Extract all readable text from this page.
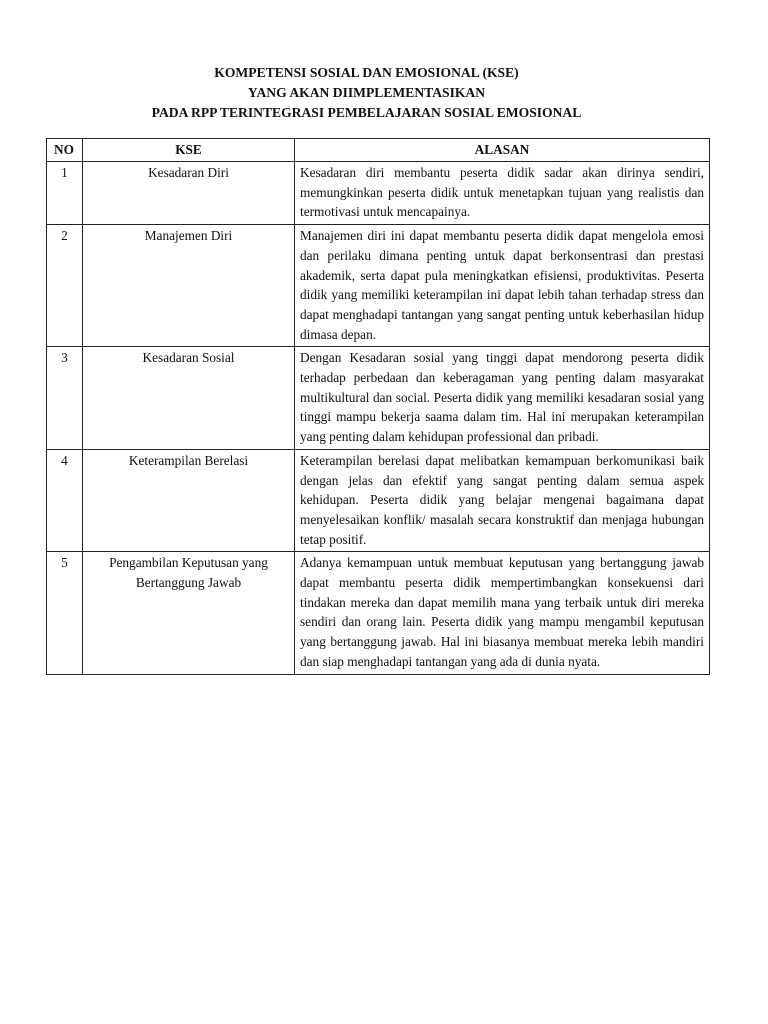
KOMPETENSI SOSIAL DAN EMOSIONAL (KSE)
YANG AKAN DIIMPLEMENTASIKAN
PADA RPP TERINTEGRASI PEMBELAJARAN SOSIAL EMOSIONAL
NO	KSE	ALASAN
1	Kesadaran Diri	Kesadaran diri membantu peserta didik sadar akan dirinya sendiri, memungkinkan peserta didik untuk menetapkan tujuan yang realistis dan termotivasi untuk mencapainya.
2	Manajemen Diri	Manajemen diri ini dapat membantu peserta didik dapat mengelola emosi dan perilaku dimana penting untuk dapat berkonsentrasi dan prestasi akademik, serta dapat pula meningkatkan efisiensi, produktivitas. Peserta didik yang memiliki keterampilan ini dapat lebih tahan terhadap stress dan dapat menghadapi tantangan yang sangat penting untuk keberhasilan hidup dimasa depan.
3	Kesadaran Sosial	Dengan Kesadaran sosial yang tinggi dapat mendorong peserta didik terhadap perbedaan dan keberagaman yang penting dalam masyarakat multikultural dan social. Peserta didik yang memiliki kesadaran sosial yang tinggi mampu bekerja saama dalam tim. Hal ini merupakan keterampilan yang penting dalam kehidupan professional dan pribadi.
4	Keterampilan Berelasi	Keterampilan berelasi dapat melibatkan kemampuan berkomunikasi baik dengan jelas dan efektif yang sangat penting dalam semua aspek kehidupan. Peserta didik yang belajar mengenai bagaimana dapat menyelesaikan konflik/ masalah secara konstruktif dan menjaga hubungan tetap positif.
5	Pengambilan Keputusan yang Bertanggung Jawab	Adanya kemampuan untuk membuat keputusan yang bertanggung jawab dapat membantu peserta didik mempertimbangkan konsekuensi dari tindakan mereka dan dapat memilih mana yang terbaik untuk diri mereka sendiri dan orang lain. Peserta didik yang mampu mengambil keputusan yang bertanggung jawab. Hal ini biasanya membuat mereka lebih mandiri dan siap menghadapi tantangan yang ada di dunia nyata.
